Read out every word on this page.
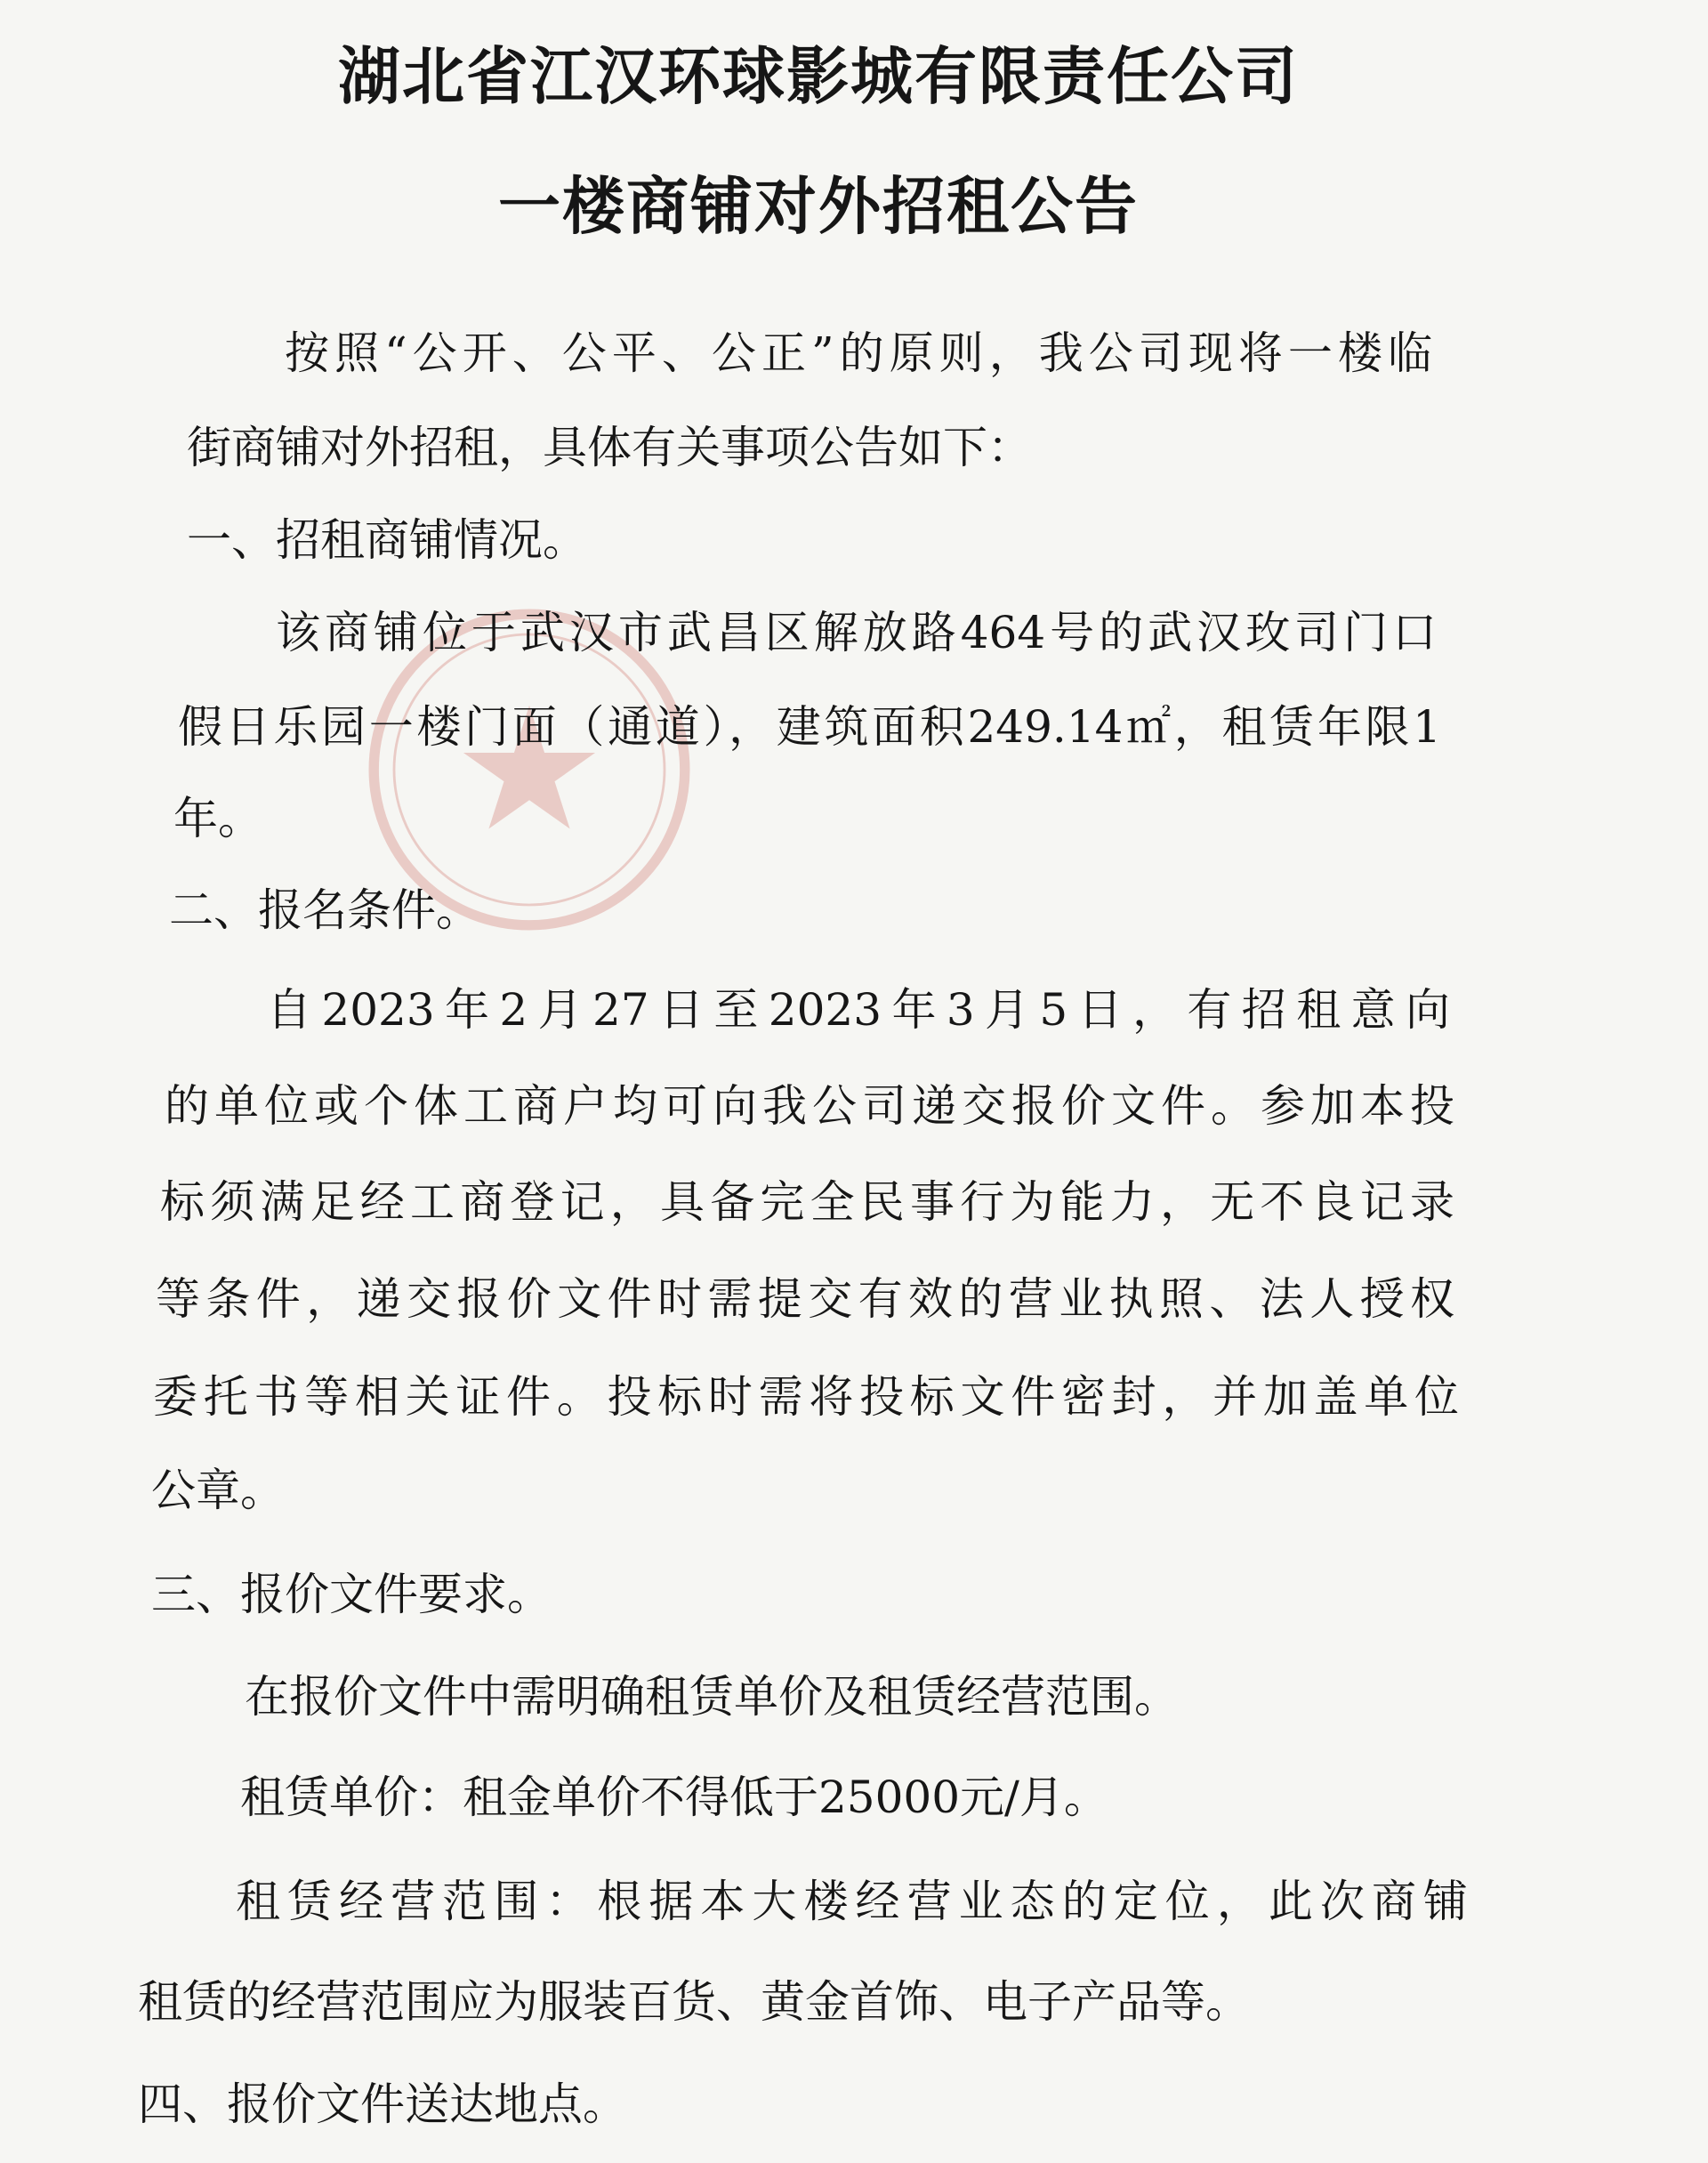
湖北省江汉环球影城有限责任公司
一楼商铺对外招租公告
按照“公开、公平、公正”的原则，我公司现将一楼临
街商铺对外招租，具体有关事项公告如下：
一、招租商铺情况。
该商铺位于武汉市武昌区解放路464号的武汉玫司门口
假日乐园一楼门面（通道），建筑面积249.14㎡，租赁年限1
年。
二、报名条件。
自2023年2月27日至2023年3月5日，有招租意向
的单位或个体工商户均可向我公司递交报价文件。参加本投
标须满足经工商登记，具备完全民事行为能力，无不良记录
等条件，递交报价文件时需提交有效的营业执照、法人授权
委托书等相关证件。投标时需将投标文件密封，并加盖单位
公章。
三、报价文件要求。
在报价文件中需明确租赁单价及租赁经营范围。
租赁单价：租金单价不得低于25000元/月。
租赁经营范围：根据本大楼经营业态的定位，此次商铺
租赁的经营范围应为服装百货、黄金首饰、电子产品等。
四、报价文件送达地点。
